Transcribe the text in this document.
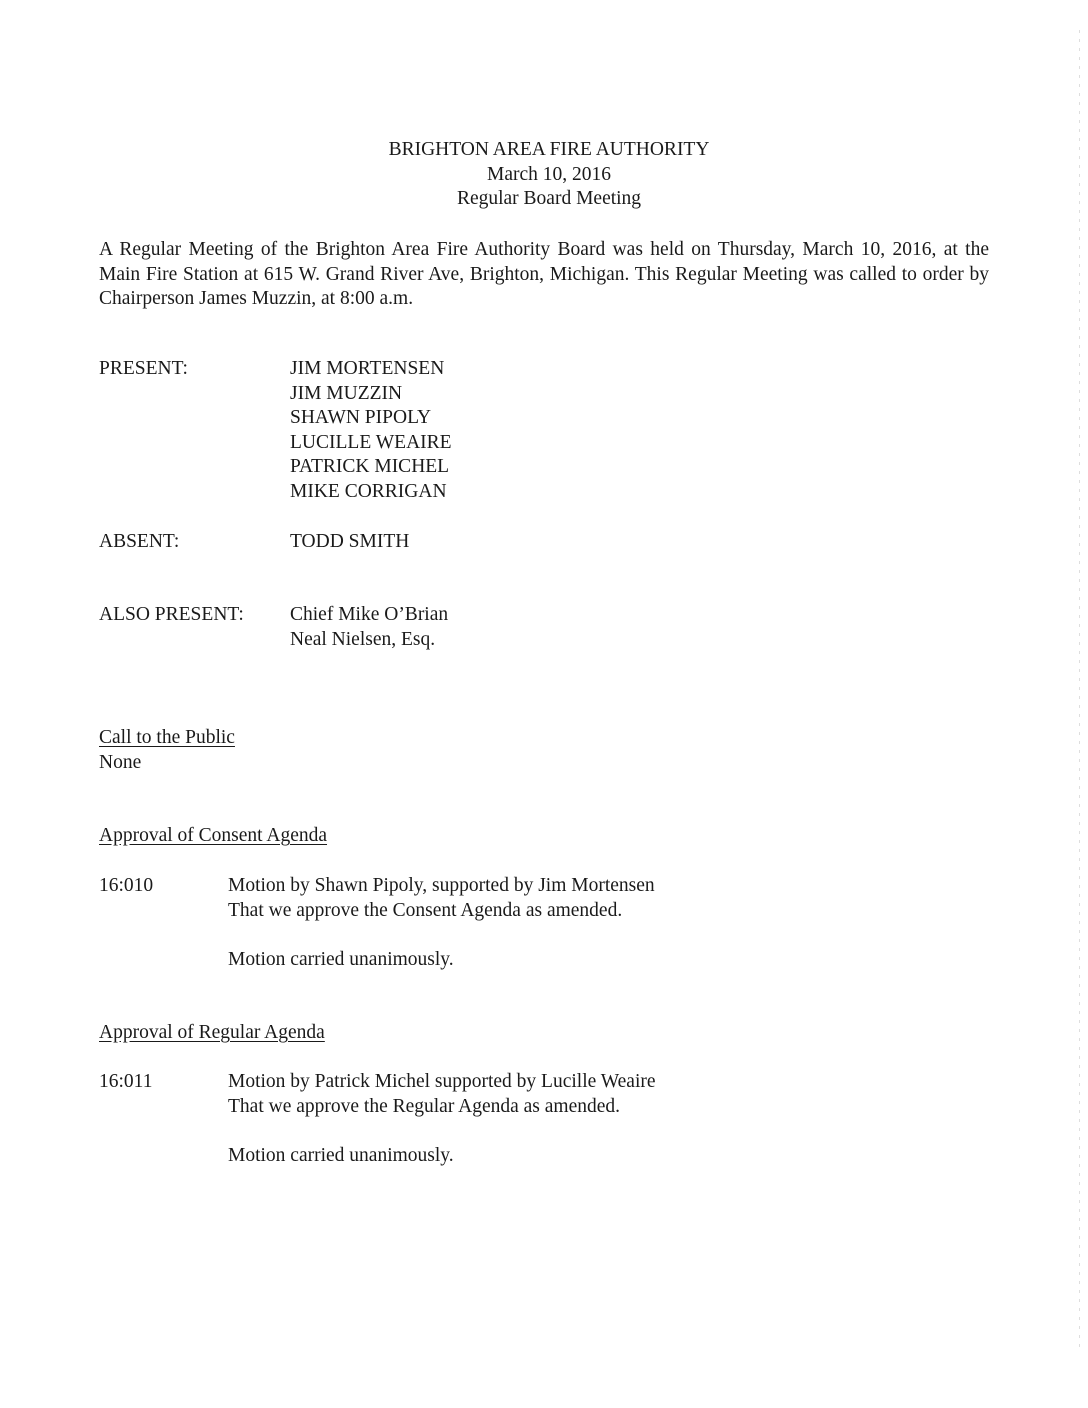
BRIGHTON AREA FIRE AUTHORITY
March 10, 2016
Regular Board Meeting

A Regular Meeting of the Brighton Area Fire Authority Board was held on Thursday, March 10, 2016, at the Main Fire Station at 615 W. Grand River Ave, Brighton, Michigan. This Regular Meeting was called to order by Chairperson James Muzzin, at 8:00 a.m.

PRESENT:	JIM MORTENSEN
JIM MUZZIN
SHAWN PIPOLY
LUCILLE WEAIRE
PATRICK MICHEL
MIKE CORRIGAN
ABSENT:	TODD SMITH
ALSO PRESENT: Chief Mike O’Brian
Neal Nielsen, Esq.
Call to the Public
None
Approval of Consent Agenda
16:010	Motion by Shawn Pipoly, supported by Jim Mortensen
That we approve the Consent Agenda as amended.
Motion carried unanimously.
Approval of Regular Agenda
16:011	Motion by Patrick Michel supported by Lucille Weaire
That we approve the Regular Agenda as amended.
Motion carried unanimously.
